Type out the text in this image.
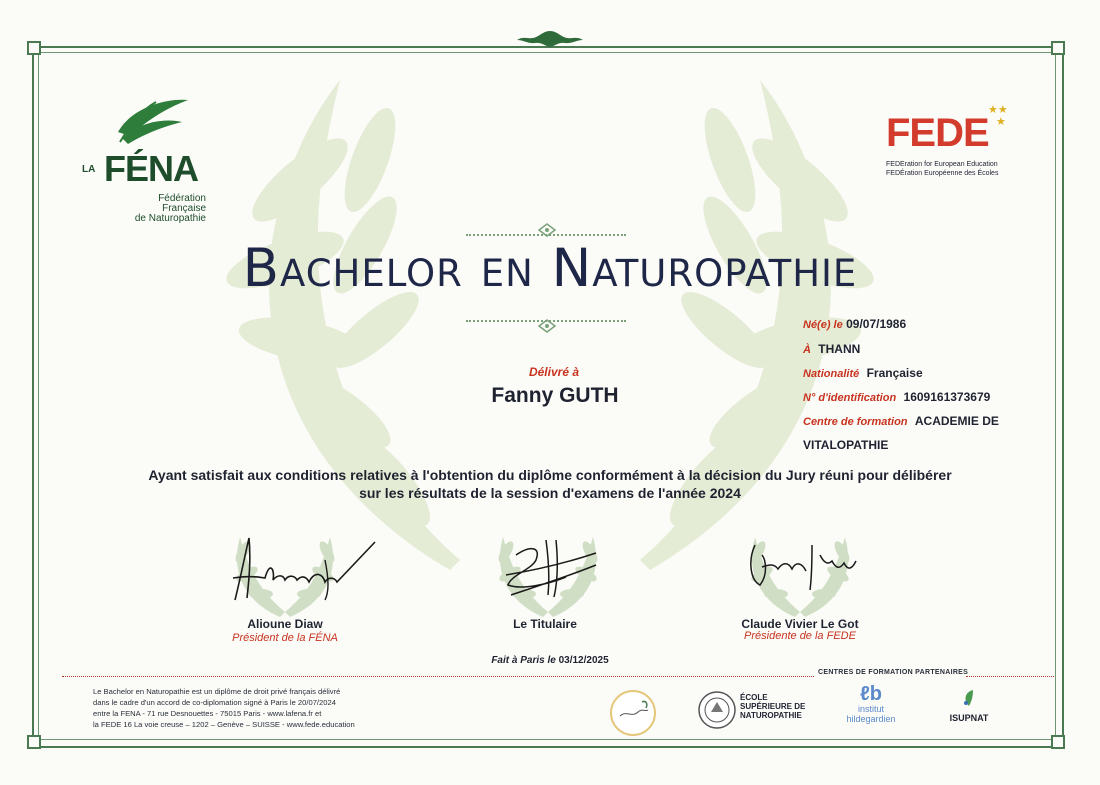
LA FÉNA
Fédération
Française
de Naturopathie
FEDE
★★
★
FEDEration for European Education
FEDÉration Européenne des Écoles
Bachelor en Naturopathie
Né(e) le 09/07/1986
À THANN
Nationalité Française
N° d'identification 1609161373679
Centre de formation ACADEMIE DE
VITALOPATHIE
Délivré à
Fanny GUTH
Ayant satisfait aux conditions relatives à l'obtention du diplôme conformément à la décision du Jury réuni pour délibérer
sur les résultats de la session d'examens de l'année 2024
Alioune Diaw
Président de la FÉNA
Le Titulaire	Claude Vivier Le Got
Présidente de la FEDE
Fait à Paris le 03/12/2025
CENTRES DE FORMATION PARTENAIRES
Le Bachelor en Naturopathie est un diplôme de droit privé français délivré
dans le cadre d'un accord de co-diplomation signé à Paris le 20/07/2024
entre la FENA - 71 rue Desnouettes - 75015 Paris - www.lafena.fr et
la FEDE 16 La voie creuse – 1202 – Genève – SUISSE - www.fede.education
ÉCOLE
SUPÉRIEURE DE
NATUROPATHIE
ℓb
institut
hildegardien	ISUPNAT
